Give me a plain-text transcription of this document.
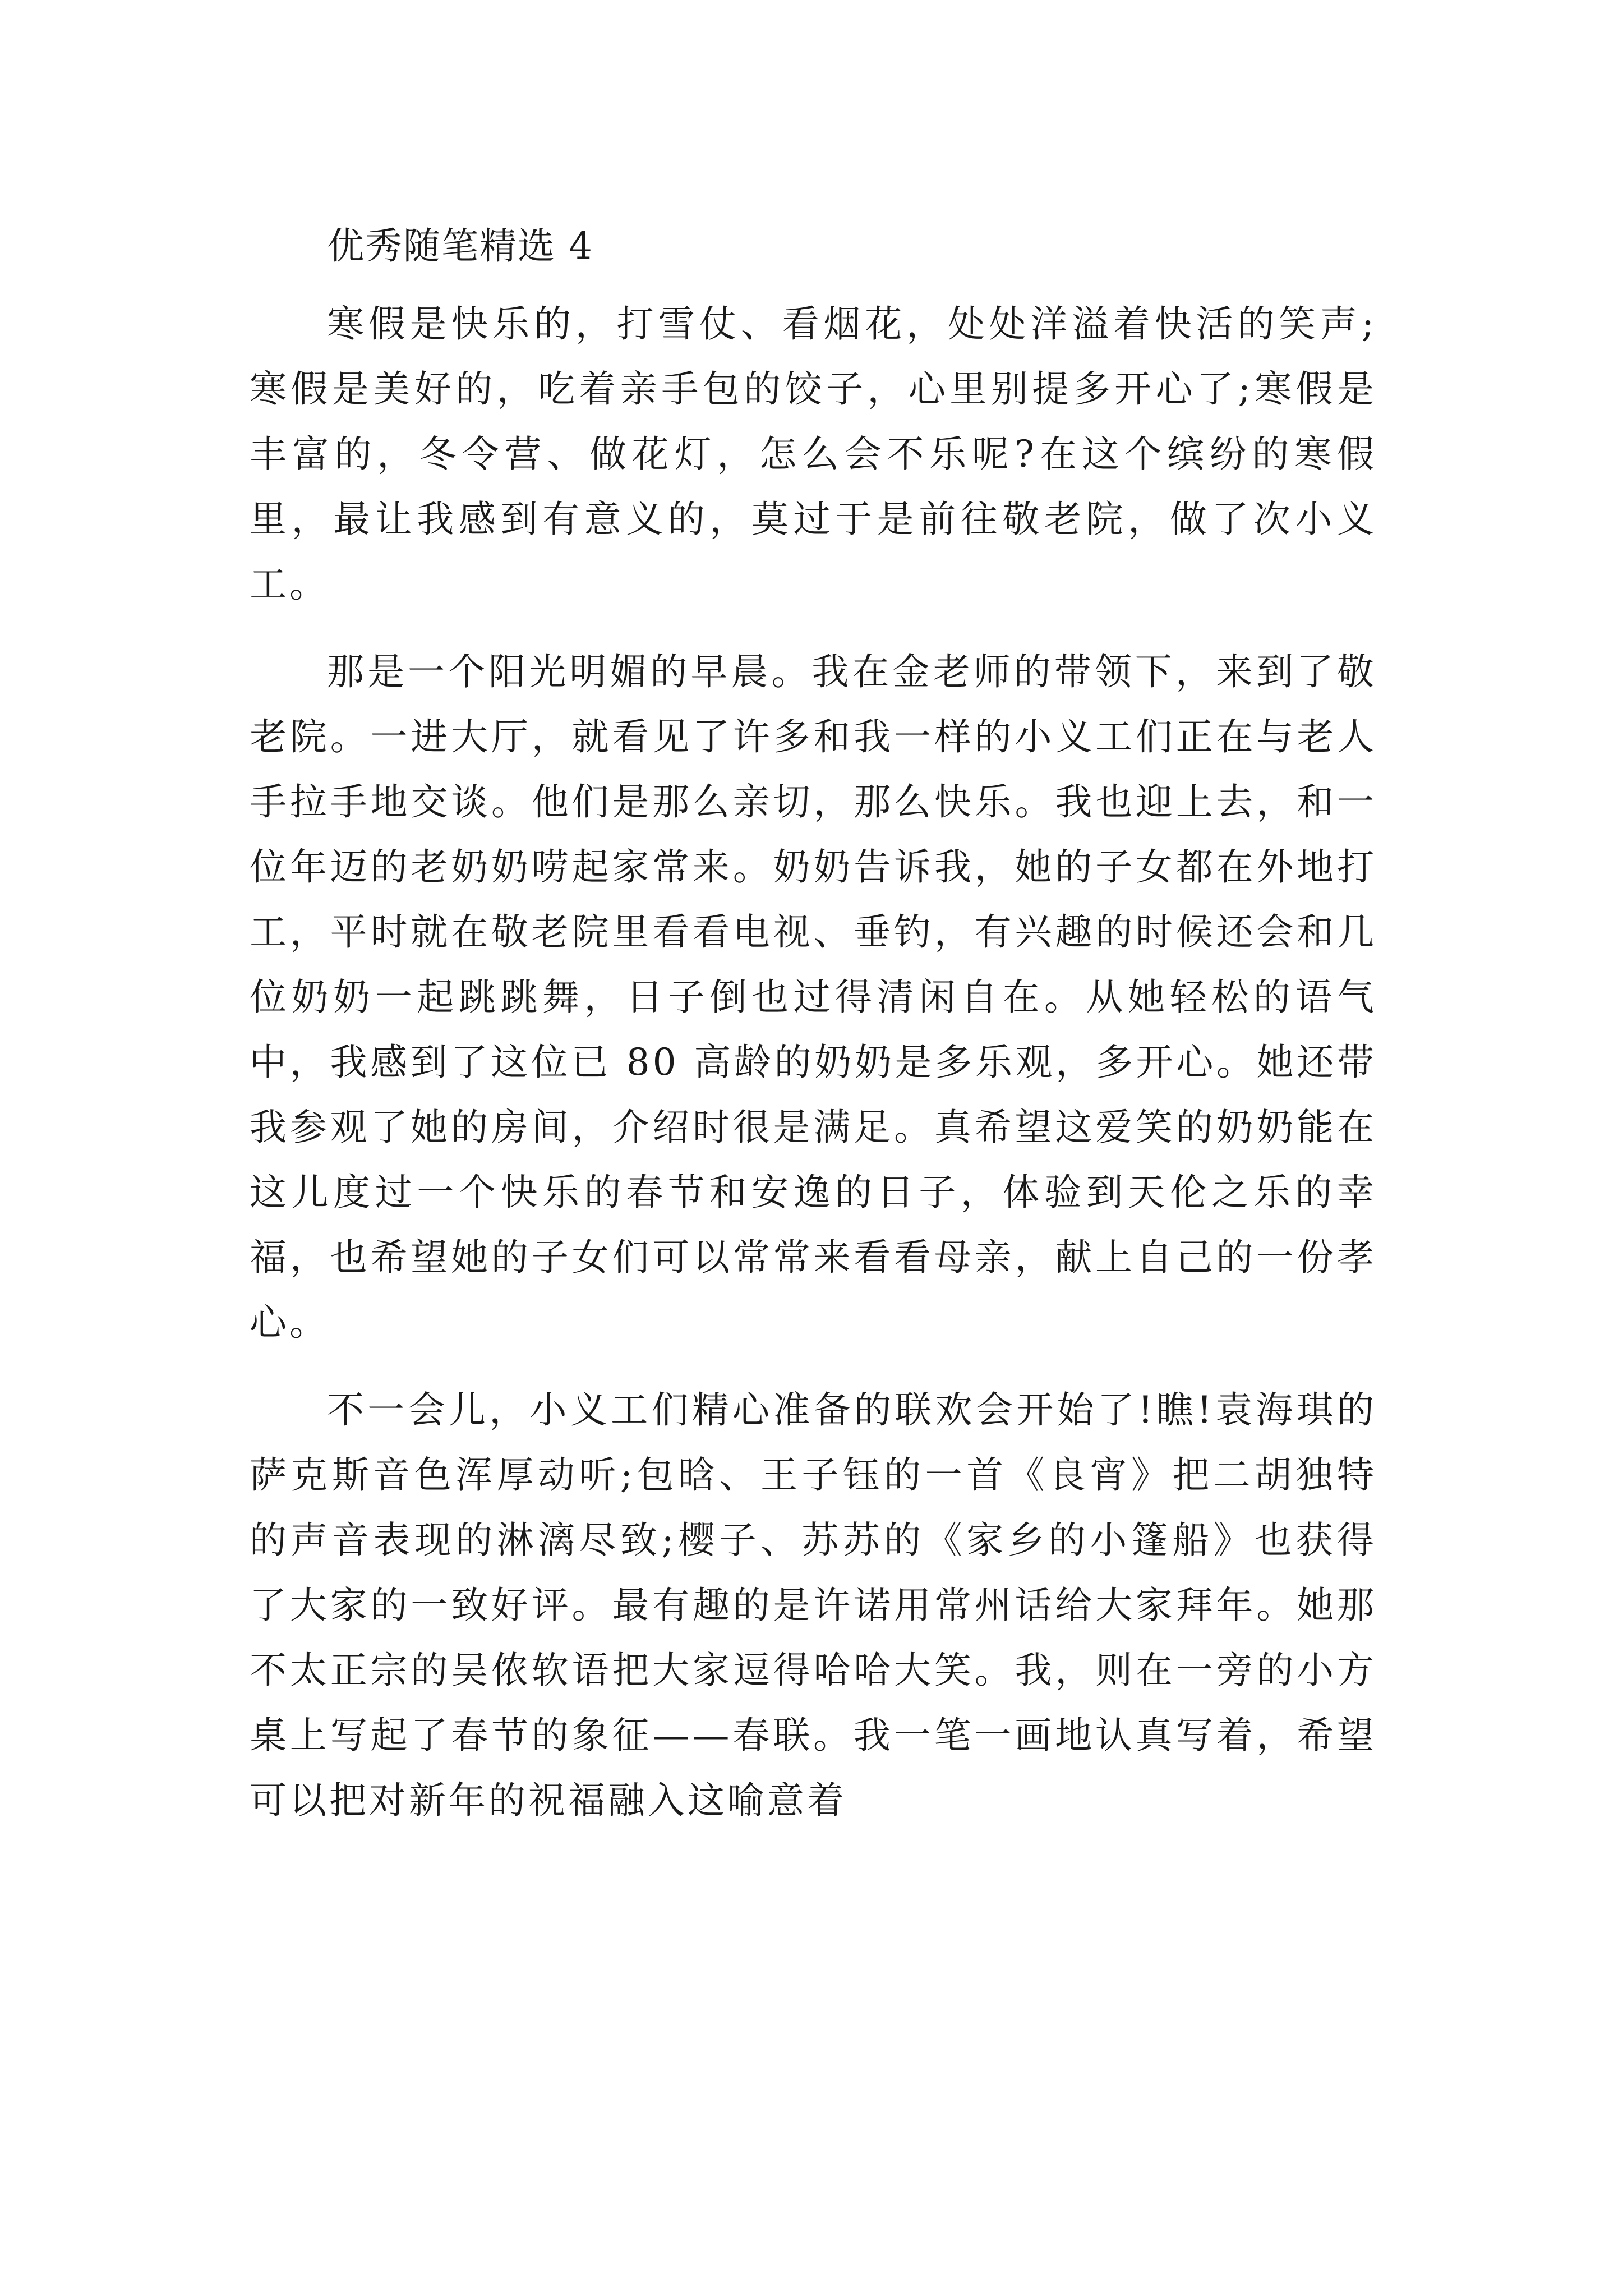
优秀随笔精选 4

寒假是快乐的，打雪仗、看烟花，处处洋溢着快活的笑声;寒假是美好的，吃着亲手包的饺子，心里别提多开心了;寒假是丰富的，冬令营、做花灯，怎么会不乐呢?在这个缤纷的寒假里，最让我感到有意义的，莫过于是前往敬老院，做了次小义工。

那是一个阳光明媚的早晨。我在金老师的带领下，来到了敬老院。一进大厅，就看见了许多和我一样的小义工们正在与老人手拉手地交谈。他们是那么亲切，那么快乐。我也迎上去，和一位年迈的老奶奶唠起家常来。奶奶告诉我，她的子女都在外地打工，平时就在敬老院里看看电视、垂钓，有兴趣的时候还会和几位奶奶一起跳跳舞，日子倒也过得清闲自在。从她轻松的语气中，我感到了这位已 80 高龄的奶奶是多乐观，多开心。她还带我参观了她的房间，介绍时很是满足。真希望这爱笑的奶奶能在这儿度过一个快乐的春节和安逸的日子，体验到天伦之乐的幸福，也希望她的子女们可以常常来看看母亲，献上自己的一份孝心。

不一会儿，小义工们精心准备的联欢会开始了!瞧!袁海琪的萨克斯音色浑厚动听;包晗、王子钰的一首《良宵》把二胡独特的声音表现的淋漓尽致;樱子、苏苏的《家乡的小篷船》也获得了大家的一致好评。最有趣的是许诺用常州话给大家拜年。她那不太正宗的吴侬软语把大家逗得哈哈大笑。我，则在一旁的小方桌上写起了春节的象征——春联。我一笔一画地认真写着，希望可以把对新年的祝福融入这喻意着
